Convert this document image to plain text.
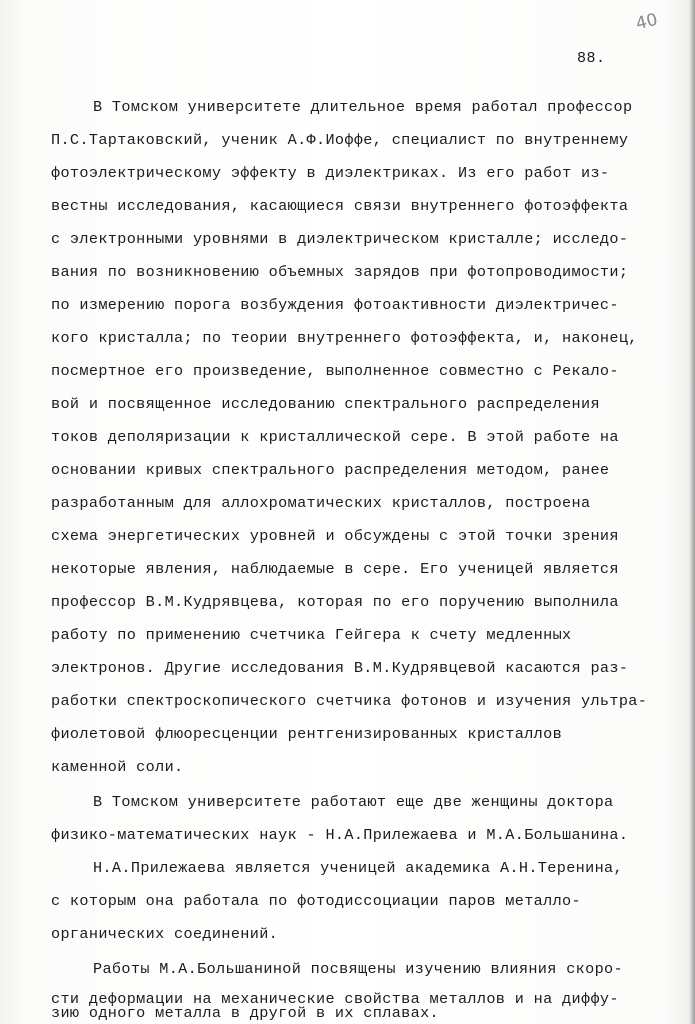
40
88.
В Томском университете длительное время работал профессор
П.С.Тартаковский, ученик А.Ф.Иоффе, специалист по внутреннему
фотоэлектрическому эффекту в диэлектриках. Из его работ из-
вестны исследования, касающиеся связи внутреннего фотоэффекта
с электронными уровнями в диэлектрическом кристалле; исследо-
вания по возникновению объемных зарядов при фотопроводимости;
по измерению порога возбуждения фотоактивности диэлектричес-
кого кристалла; по теории внутреннего фотоэффекта, и, наконец,
посмертное его произведение, выполненное совместно с Рекало-
вой и посвященное исследованию спектрального распределения
токов деполяризации к кристаллической сере. В этой работе на
основании кривых спектрального распределения методом, ранее
разработанным для аллохроматических кристаллов, построена
схема энергетических уровней и обсуждены с этой точки зрения
некоторые явления, наблюдаемые в сере. Его ученицей является
профессор В.М.Кудрявцева, которая по его поручению выполнила
работу по применению счетчика Гейгера к счету медленных
электронов. Другие исследования В.М.Кудрявцевой касаются раз-
работки спектроскопического счетчика фотонов и изучения ультра-
фиолетовой флюоресценции рентгенизированных кристаллов
каменной соли.
В Томском университете работают еще две женщины доктора
физико-математических наук - Н.А.Прилежаева и М.А.Большанина.
Н.А.Прилежаева является ученицей академика А.Н.Теренина,
с которым она работала по фотодиссоциации паров металло-
органических соединений.
Работы М.А.Большаниной посвящены изучению влияния скоро-
сти деформации на механические свойства металлов и на диффу-
зию одного металла в другой в их сплавах.
